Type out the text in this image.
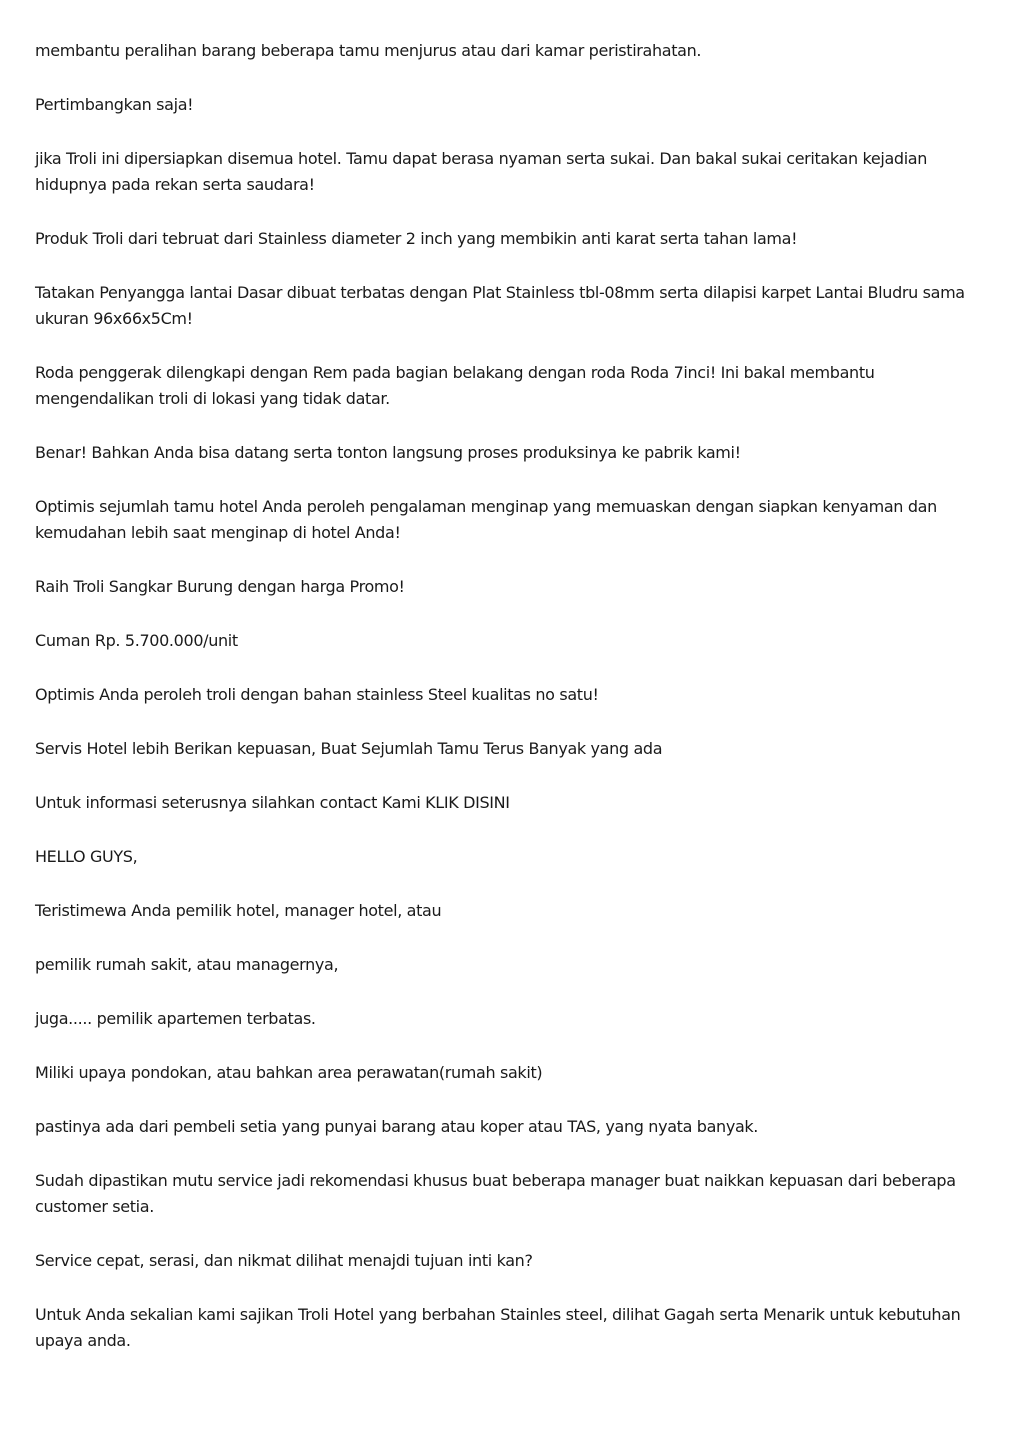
membantu peralihan barang beberapa tamu menjurus atau dari kamar peristirahatan.

Pertimbangkan saja!

jika Troli ini dipersiapkan disemua hotel. Tamu dapat berasa nyaman serta sukai. Dan bakal sukai ceritakan kejadian hidupnya pada rekan serta saudara!

Produk Troli dari tebruat dari Stainless diameter 2 inch yang membikin anti karat serta tahan lama!

Tatakan Penyangga lantai Dasar dibuat terbatas dengan Plat Stainless tbl-08mm serta dilapisi karpet Lantai Bludru sama ukuran 96x66x5Cm!

Roda penggerak dilengkapi dengan Rem pada bagian belakang dengan roda Roda 7inci! Ini bakal membantu mengendalikan troli di lokasi yang tidak datar.

Benar! Bahkan Anda bisa datang serta tonton langsung proses produksinya ke pabrik kami!

Optimis sejumlah tamu hotel Anda peroleh pengalaman menginap yang memuaskan dengan siapkan kenyaman dan kemudahan lebih saat menginap di hotel Anda!

Raih Troli Sangkar Burung dengan harga Promo!

Cuman Rp. 5.700.000/unit

Optimis Anda peroleh troli dengan bahan stainless Steel kualitas no satu!

Servis Hotel lebih Berikan kepuasan, Buat Sejumlah Tamu Terus Banyak yang ada

Untuk informasi seterusnya silahkan contact Kami KLIK DISINI

HELLO GUYS,

Teristimewa Anda pemilik hotel, manager hotel, atau

pemilik rumah sakit, atau managernya,

juga..... pemilik apartemen terbatas.

Miliki upaya pondokan, atau bahkan area perawatan(rumah sakit)

pastinya ada dari pembeli setia yang punyai barang atau koper atau TAS, yang nyata banyak.

Sudah dipastikan mutu service jadi rekomendasi khusus buat beberapa manager buat naikkan kepuasan dari beberapa customer setia.

Service cepat, serasi, dan nikmat dilihat menajdi tujuan inti kan?

Untuk Anda sekalian kami sajikan Troli Hotel yang berbahan Stainles steel, dilihat Gagah serta Menarik untuk kebutuhan upaya anda.
